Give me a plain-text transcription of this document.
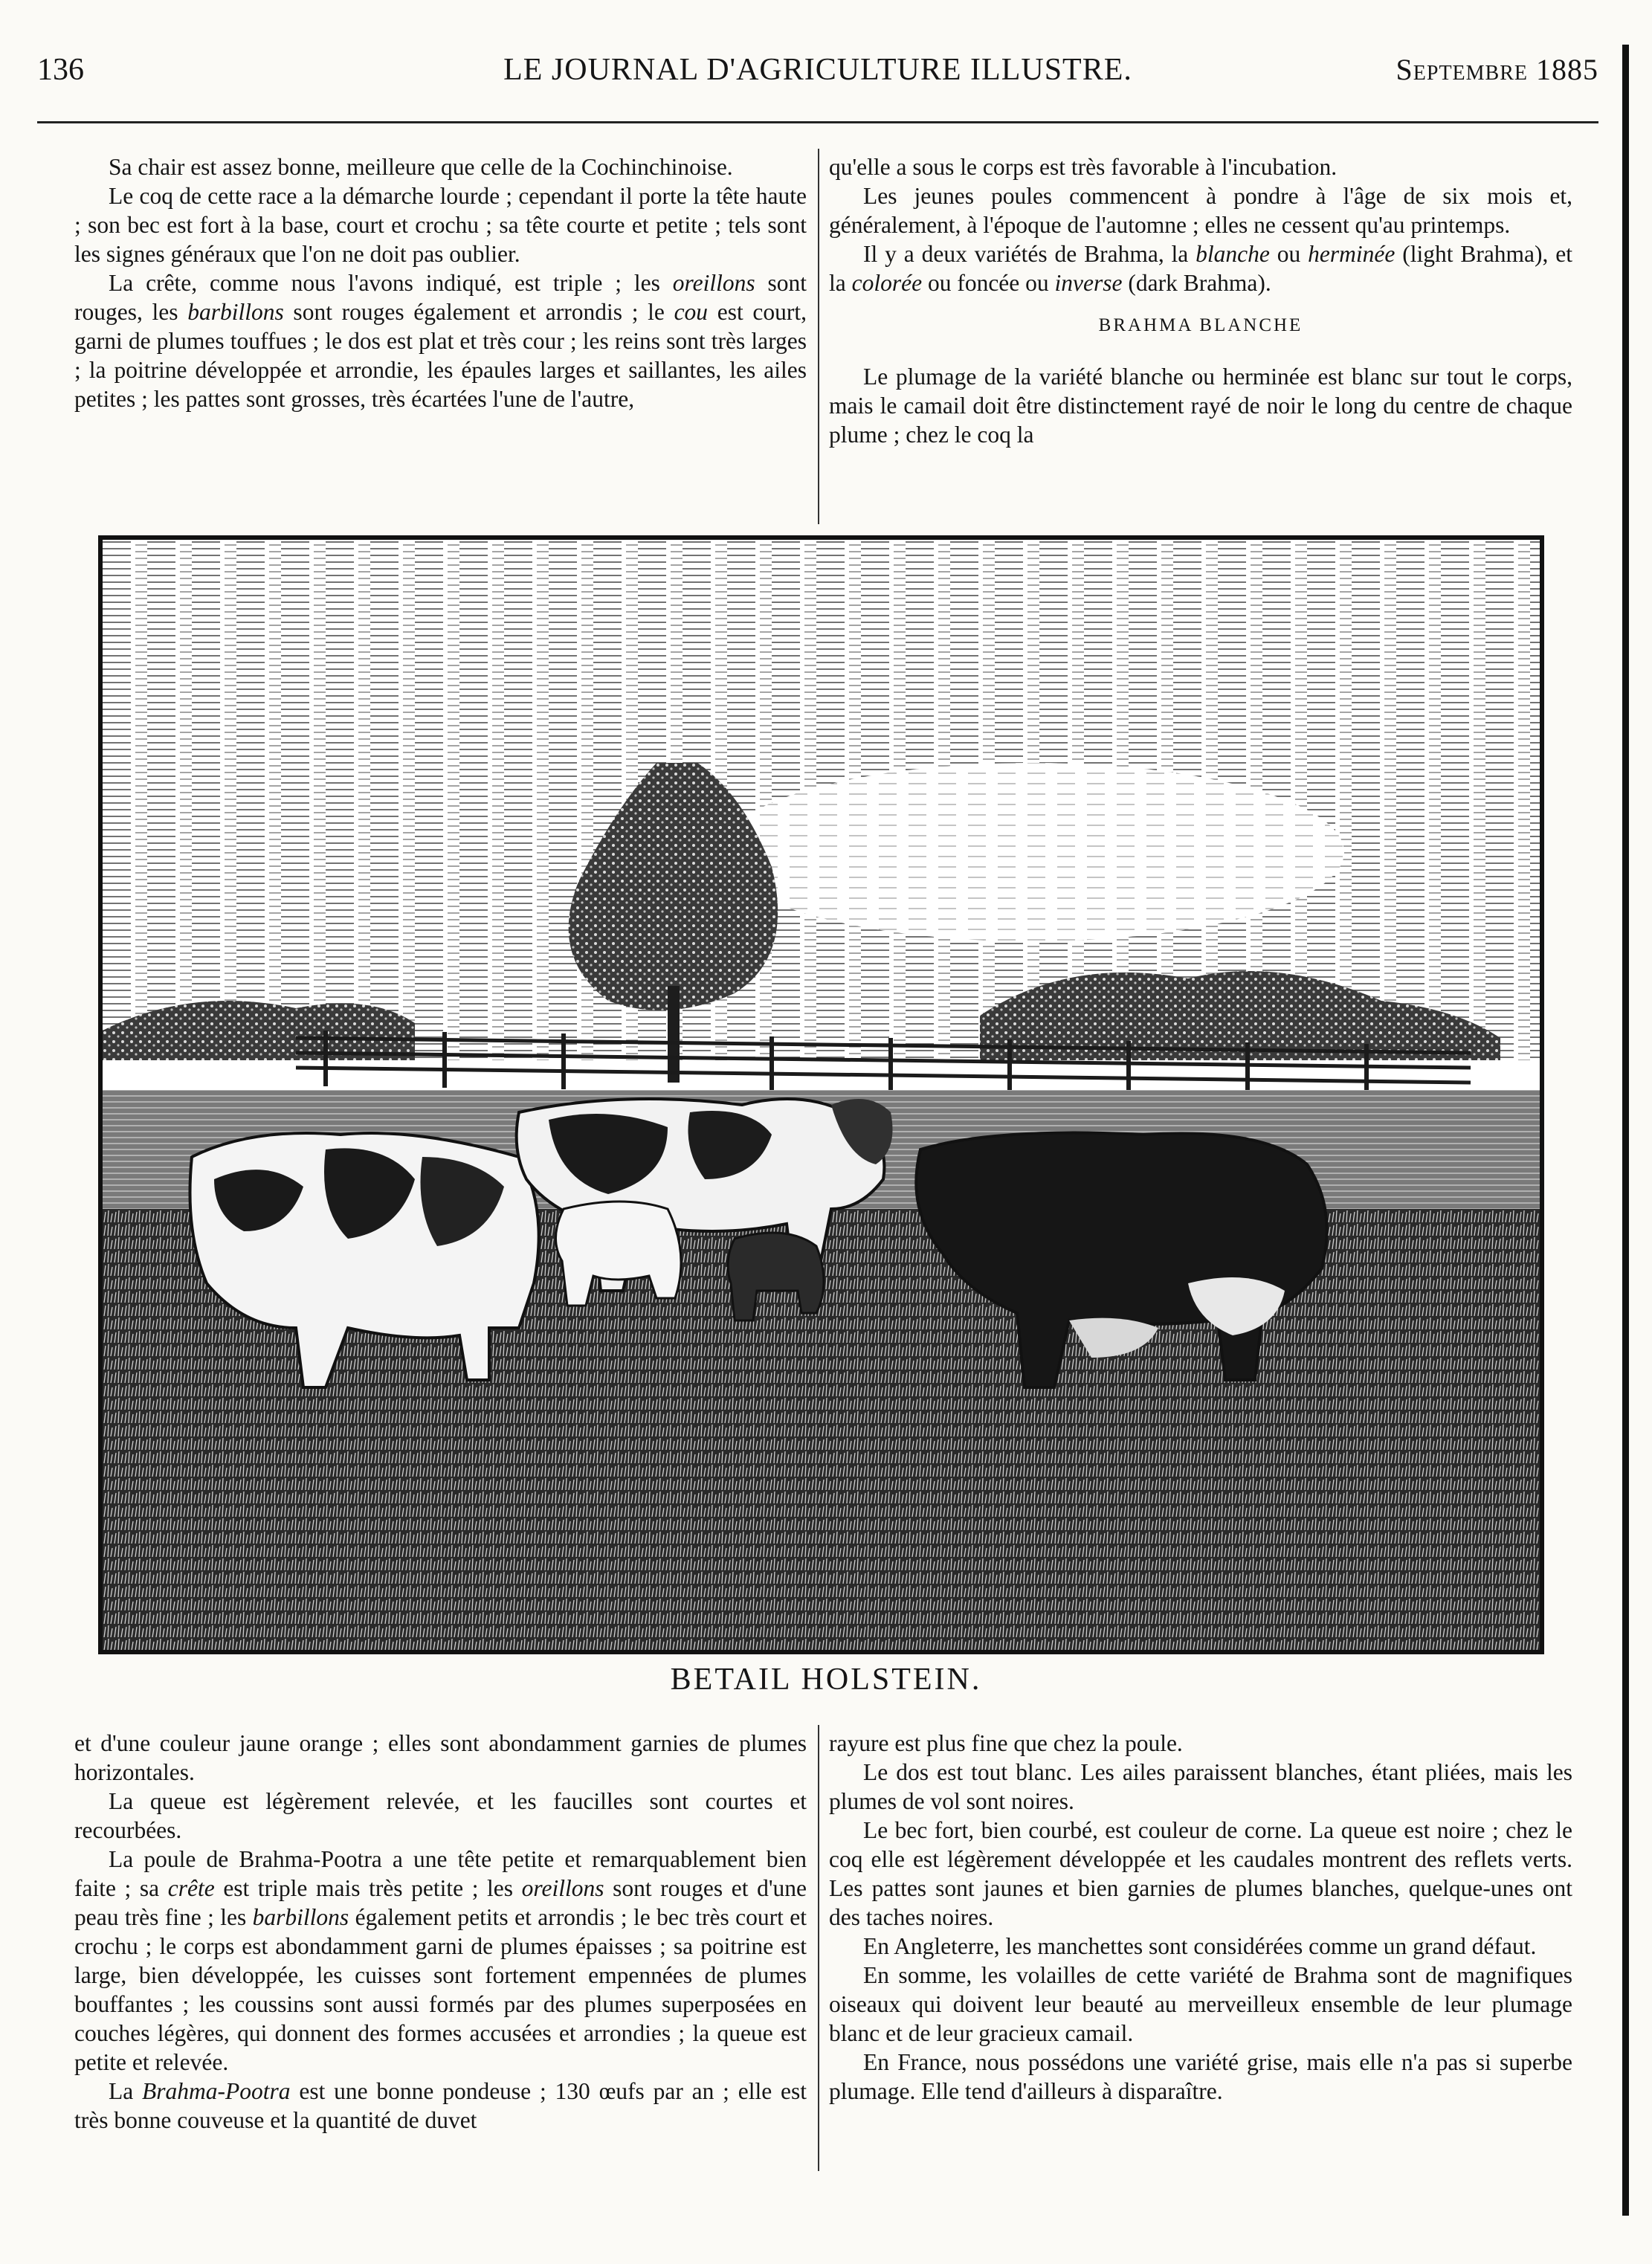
136	LE JOURNAL D'AGRICULTURE ILLUSTRE.	Septembre 1885

Sa chair est assez bonne, meilleure que celle de la Cochinchinoise.

Le coq de cette race a la démarche lourde ; cependant il porte la tête haute ; son bec est fort à la base, court et crochu ; sa tête courte et petite ; tels sont les signes généraux que l'on ne doit pas oublier.

La crête, comme nous l'avons indiqué, est triple ; les oreillons sont rouges, les barbillons sont rouges également et arrondis ; le cou est court, garni de plumes touffues ; le dos est plat et très cour ; les reins sont très larges ; la poitrine développée et arrondie, les épaules larges et saillantes, les ailes petites ; les pattes sont grosses, très écartées l'une de l'autre,

qu'elle a sous le corps est très favorable à l'incubation.

Les jeunes poules commencent à pondre à l'âge de six mois et, généralement, à l'époque de l'automne ; elles ne cessent qu'au printemps.

Il y a deux variétés de Brahma, la blanche ou herminée (light Brahma), et la colorée ou foncée ou inverse (dark Brahma).

BRAHMA BLANCHE

Le plumage de la variété blanche ou herminée est blanc sur tout le corps, mais le camail doit être distinctement rayé de noir le long du centre de chaque plume ; chez le coq la

BETAIL HOLSTEIN.

et d'une couleur jaune orange ; elles sont abondamment garnies de plumes horizontales.

La queue est légèrement relevée, et les faucilles sont courtes et recourbées.

La poule de Brahma-Pootra a une tête petite et remarquablement bien faite ; sa crête est triple mais très petite ; les oreillons sont rouges et d'une peau très fine ; les barbillons également petits et arrondis ; le bec très court et crochu ; le corps est abondamment garni de plumes épaisses ; sa poitrine est large, bien développée, les cuisses sont fortement empennées de plumes bouffantes ; les coussins sont aussi formés par des plumes superposées en couches légères, qui donnent des formes accusées et arrondies ; la queue est petite et relevée.

La Brahma-Pootra est une bonne pondeuse ; 130 œufs par an ; elle est très bonne couveuse et la quantité de duvet

rayure est plus fine que chez la poule.

Le dos est tout blanc. Les ailes paraissent blanches, étant pliées, mais les plumes de vol sont noires.

Le bec fort, bien courbé, est couleur de corne. La queue est noire ; chez le coq elle est légèrement développée et les caudales montrent des reflets verts. Les pattes sont jaunes et bien garnies de plumes blanches, quelque-unes ont des taches noires.

En Angleterre, les manchettes sont considérées comme un grand défaut.

En somme, les volailles de cette variété de Brahma sont de magnifiques oiseaux qui doivent leur beauté au merveilleux ensemble de leur plumage blanc et de leur gracieux camail.

En France, nous possédons une variété grise, mais elle n'a pas si superbe plumage. Elle tend d'ailleurs à disparaître.
